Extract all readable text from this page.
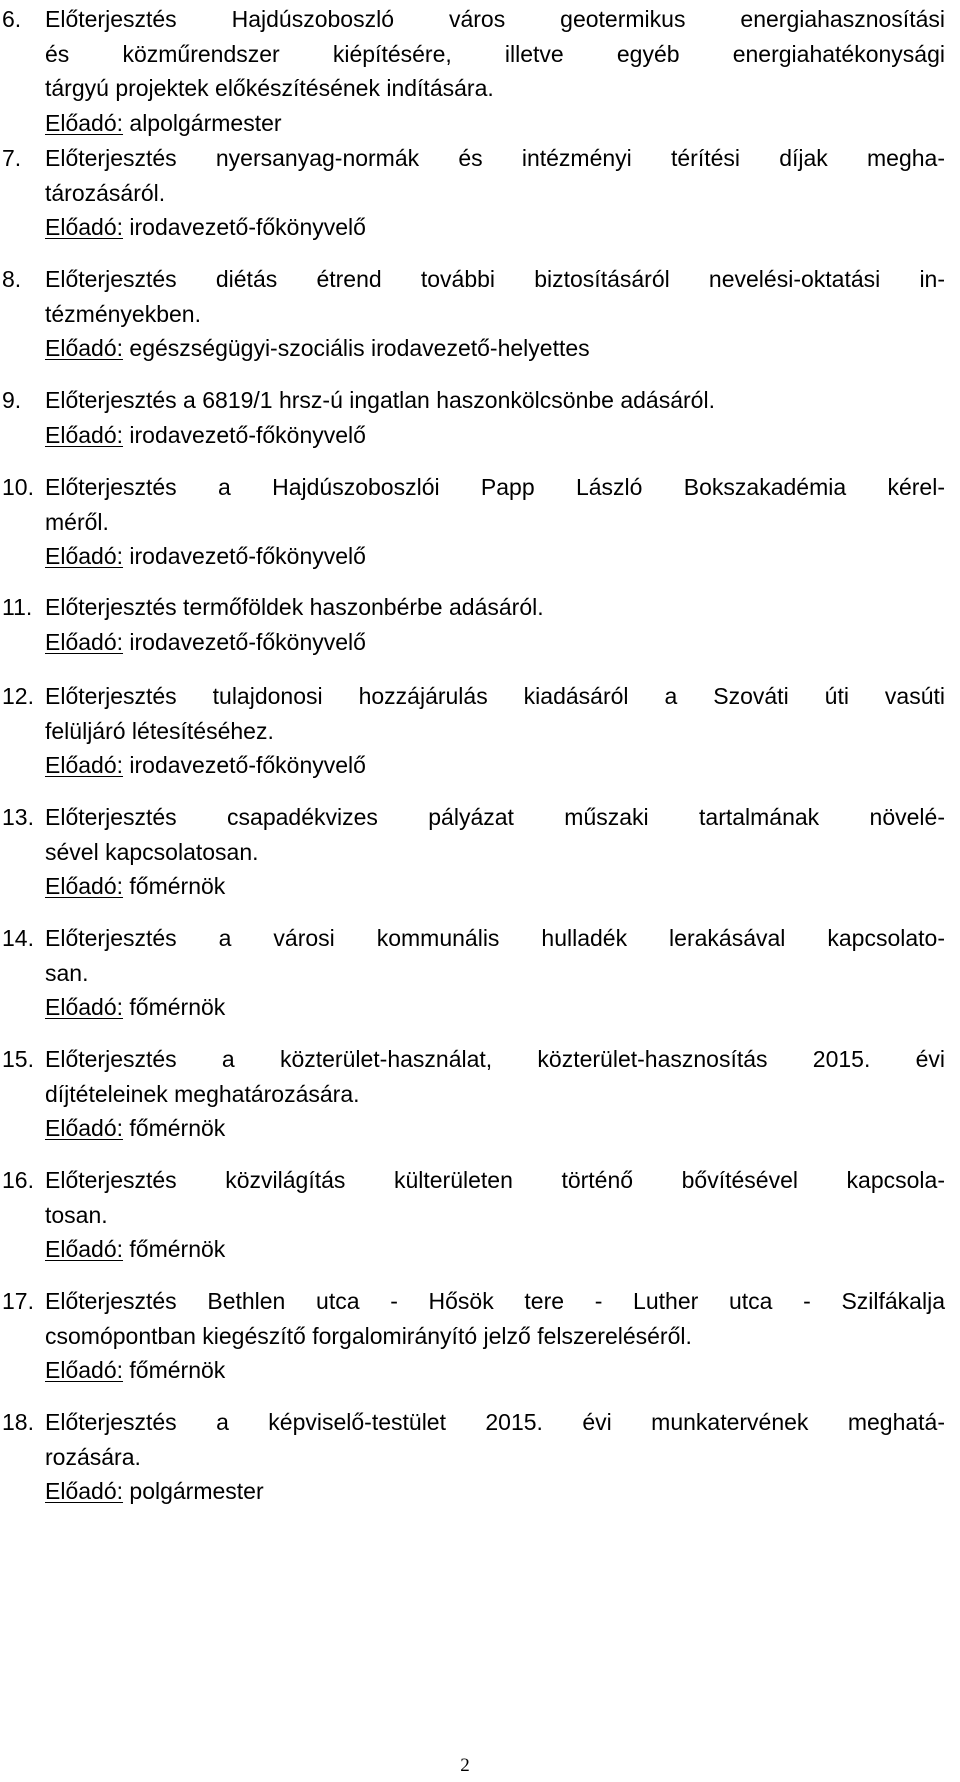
6. Előterjesztés Hajdúszoboszló város geotermikus energiahasznosítási
és közműrendszer kiépítésére, illetve egyéb energiahatékonysági
tárgyú projektek előkészítésének indítására.
Előadó: alpolgármester
7. Előterjesztés nyersanyag-normák és intézményi térítési díjak megha-
tározásáról.
Előadó: irodavezető-főkönyvelő
8. Előterjesztés diétás étrend további biztosításáról nevelési-oktatási in-
tézményekben.
Előadó: egészségügyi-szociális irodavezető-helyettes
9. Előterjesztés a 6819/1 hrsz-ú ingatlan haszonkölcsönbe adásáról.
Előadó: irodavezető-főkönyvelő
10. Előterjesztés a Hajdúszoboszlói Papp László Bokszakadémia kérel-
méről.
Előadó: irodavezető-főkönyvelő
11. Előterjesztés termőföldek haszonbérbe adásáról.
Előadó: irodavezető-főkönyvelő
12. Előterjesztés tulajdonosi hozzájárulás kiadásáról a Szováti úti vasúti
felüljáró létesítéséhez.
Előadó: irodavezető-főkönyvelő
13. Előterjesztés csapadékvizes pályázat műszaki tartalmának növelé-
sével kapcsolatosan.
Előadó: főmérnök
14. Előterjesztés a városi kommunális hulladék lerakásával kapcsolato-
san.
Előadó: főmérnök
15. Előterjesztés a közterület-használat, közterület-hasznosítás 2015. évi
díjtételeinek meghatározására.
Előadó: főmérnök
16. Előterjesztés közvilágítás külterületen történő bővítésével kapcsola-
tosan.
Előadó: főmérnök
17. Előterjesztés Bethlen utca - Hősök tere - Luther utca - Szilfákalja
csomópontban kiegészítő forgalomirányító jelző felszereléséről.
Előadó: főmérnök
18. Előterjesztés a képviselő-testület 2015. évi munkatervének meghatá-
rozására.
Előadó: polgármester
2
